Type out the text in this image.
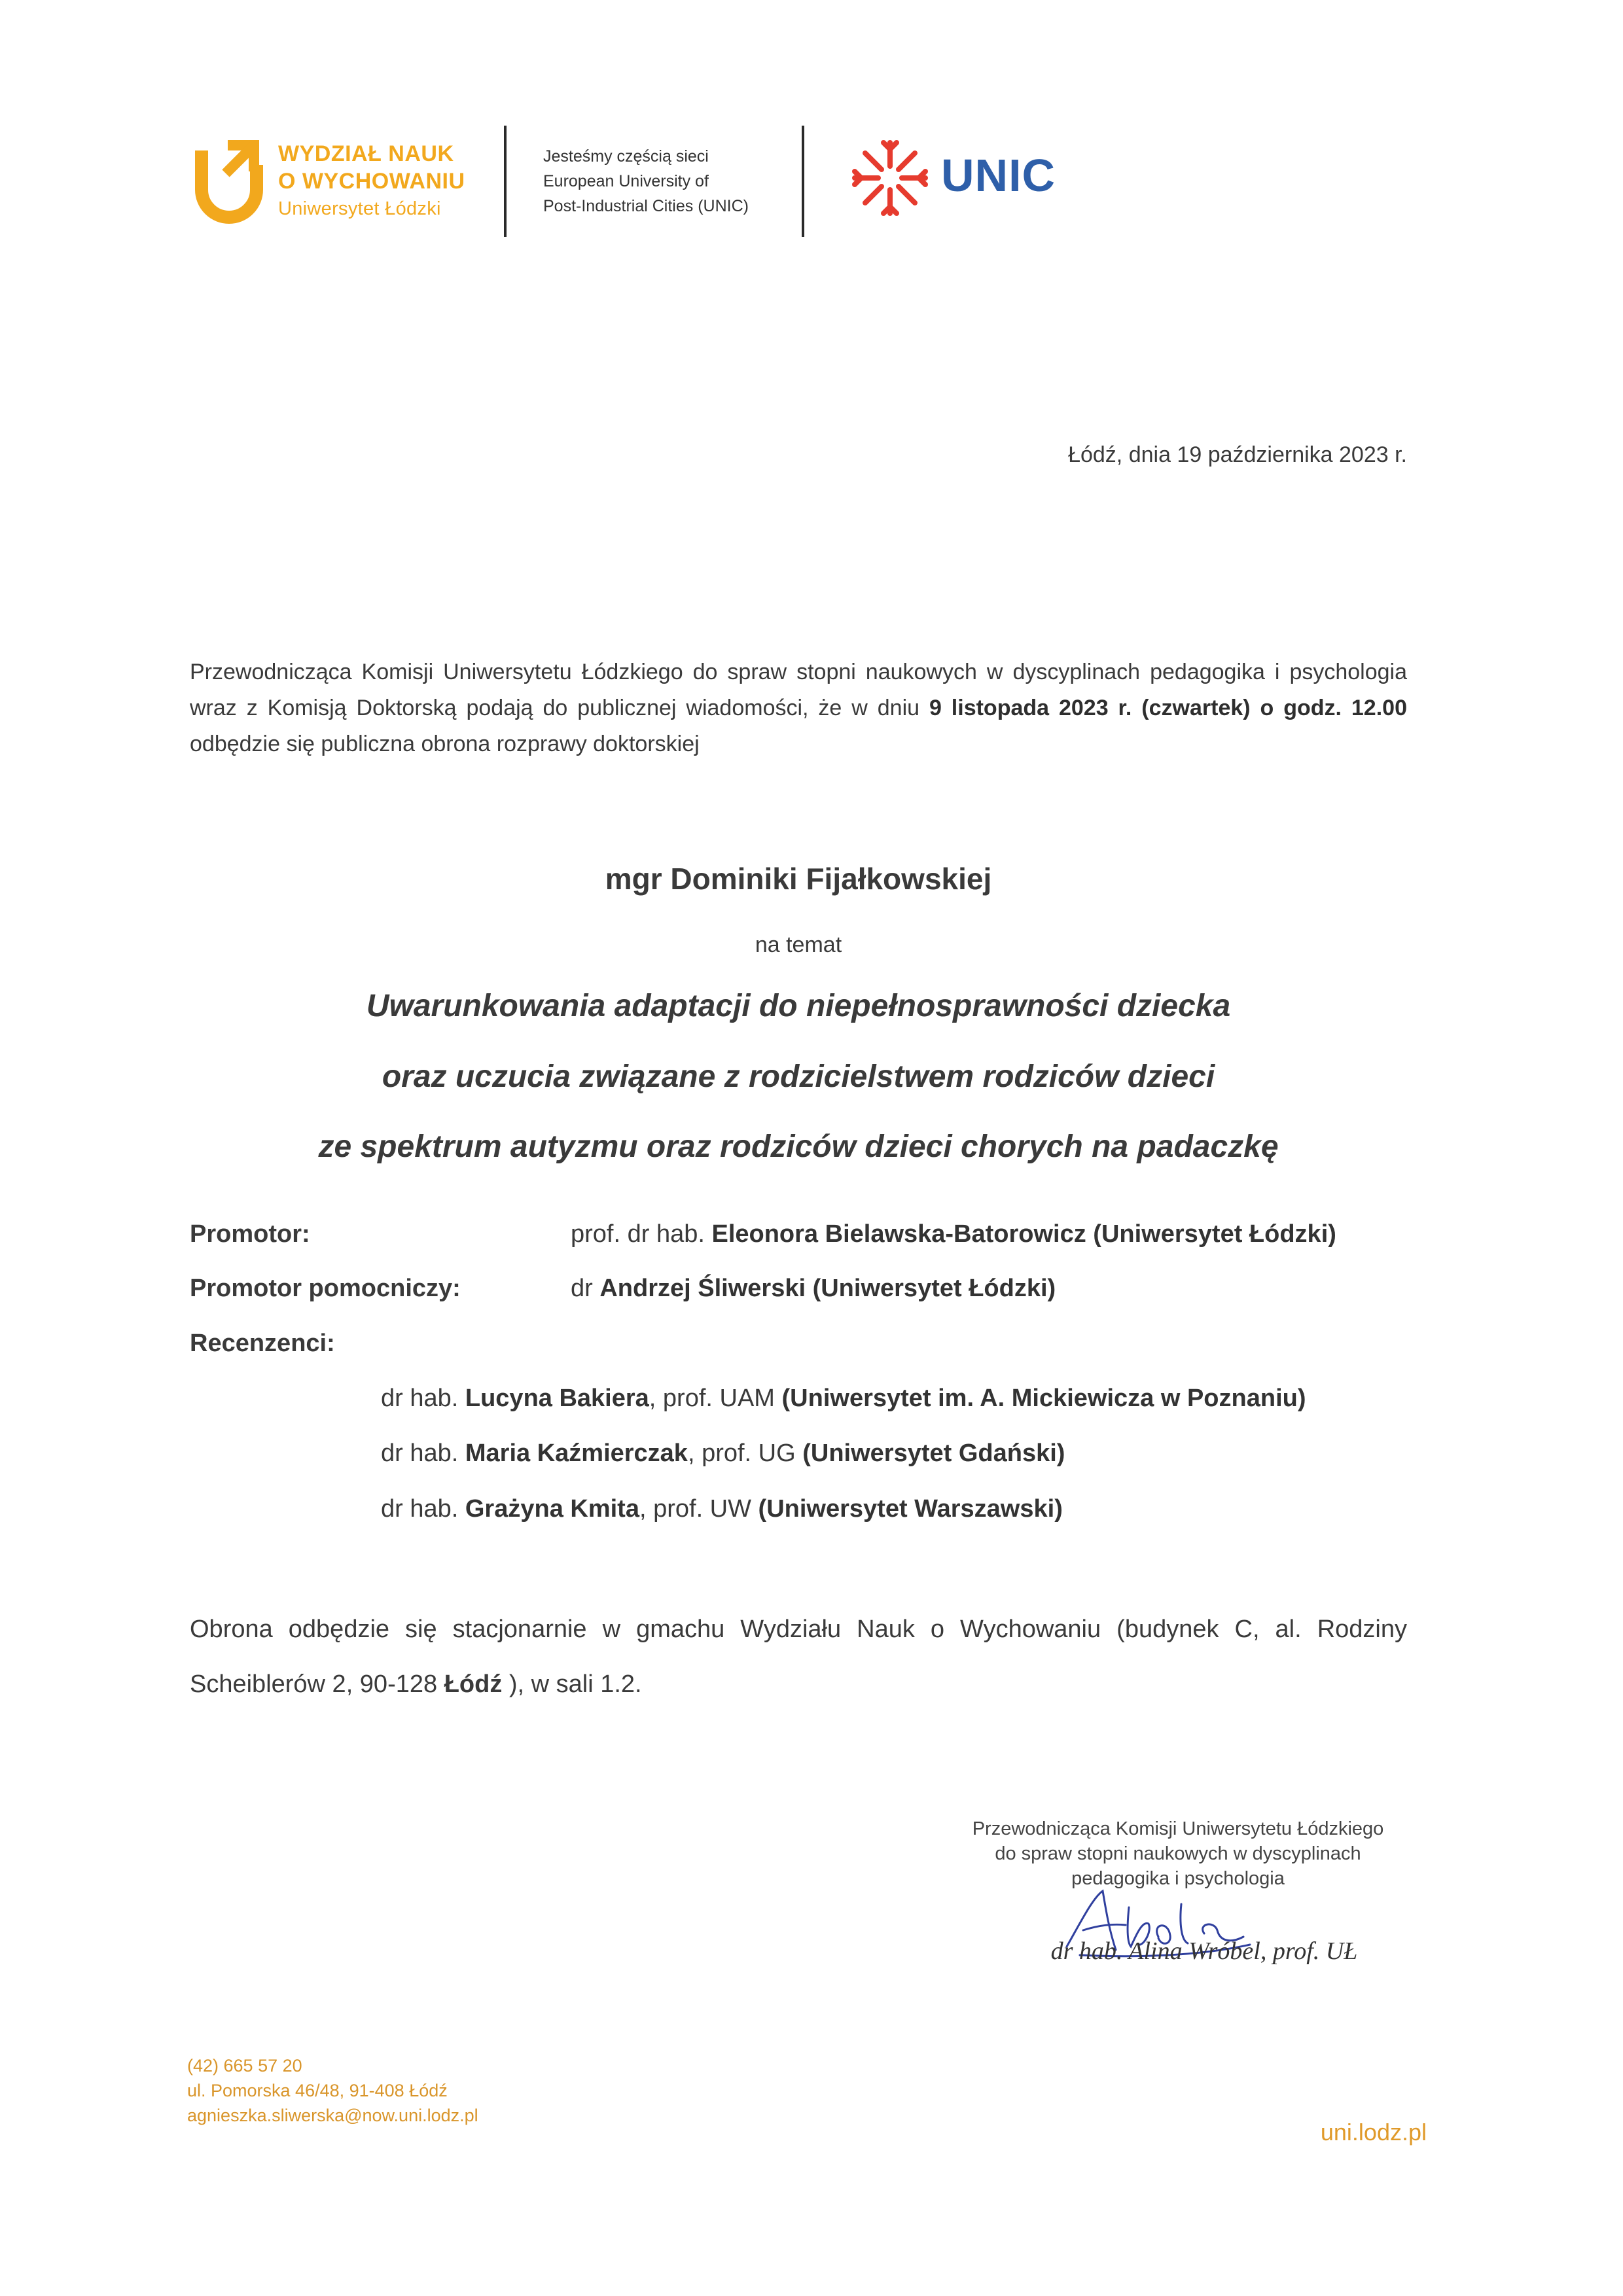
WYDZIAŁ NAUK
O WYCHOWANIU
Uniwersytet Łódzki
Jesteśmy częścią sieci
European University of
Post-Industrial Cities (UNIC)
UNIC
Łódź, dnia 19 października 2023 r.
Przewodnicząca Komisji Uniwersytetu Łódzkiego do spraw stopni naukowych w dyscyplinach pedagogika i psychologia wraz z Komisją Doktorską podają do publicznej wiadomości, że w dniu 9 listopada 2023 r. (czwartek) o godz. 12.00 odbędzie się publiczna obrona rozprawy doktorskiej
mgr Dominiki Fijałkowskiej
na temat
Uwarunkowania adaptacji do niepełnosprawności dziecka
oraz uczucia związane z rodzicielstwem rodziców dzieci
ze spektrum autyzmu oraz rodziców dzieci chorych na padaczkę
Promotor:	prof. dr hab. Eleonora Bielawska-Batorowicz (Uniwersytet Łódzki)
Promotor pomocniczy:	dr Andrzej Śliwerski (Uniwersytet Łódzki)
Recenzenci:
dr hab. Lucyna Bakiera, prof. UAM (Uniwersytet im. A. Mickiewicza w Poznaniu)
dr hab. Maria Kaźmierczak, prof. UG (Uniwersytet Gdański)
dr hab. Grażyna Kmita, prof. UW (Uniwersytet Warszawski)
Obrona odbędzie się stacjonarnie w gmachu Wydziału Nauk o Wychowaniu (budynek C, al. Rodziny Scheiblerów 2, 90-128 Łódź ), w sali 1.2.
Przewodnicząca Komisji Uniwersytetu Łódzkiego
do spraw stopni naukowych w dyscyplinach
pedagogika i psychologia
dr hab. Alina Wróbel, prof. UŁ
(42) 665 57 20
ul. Pomorska 46/48, 91-408 Łódź
agnieszka.sliwerska@now.uni.lodz.pl
uni.lodz.pl
